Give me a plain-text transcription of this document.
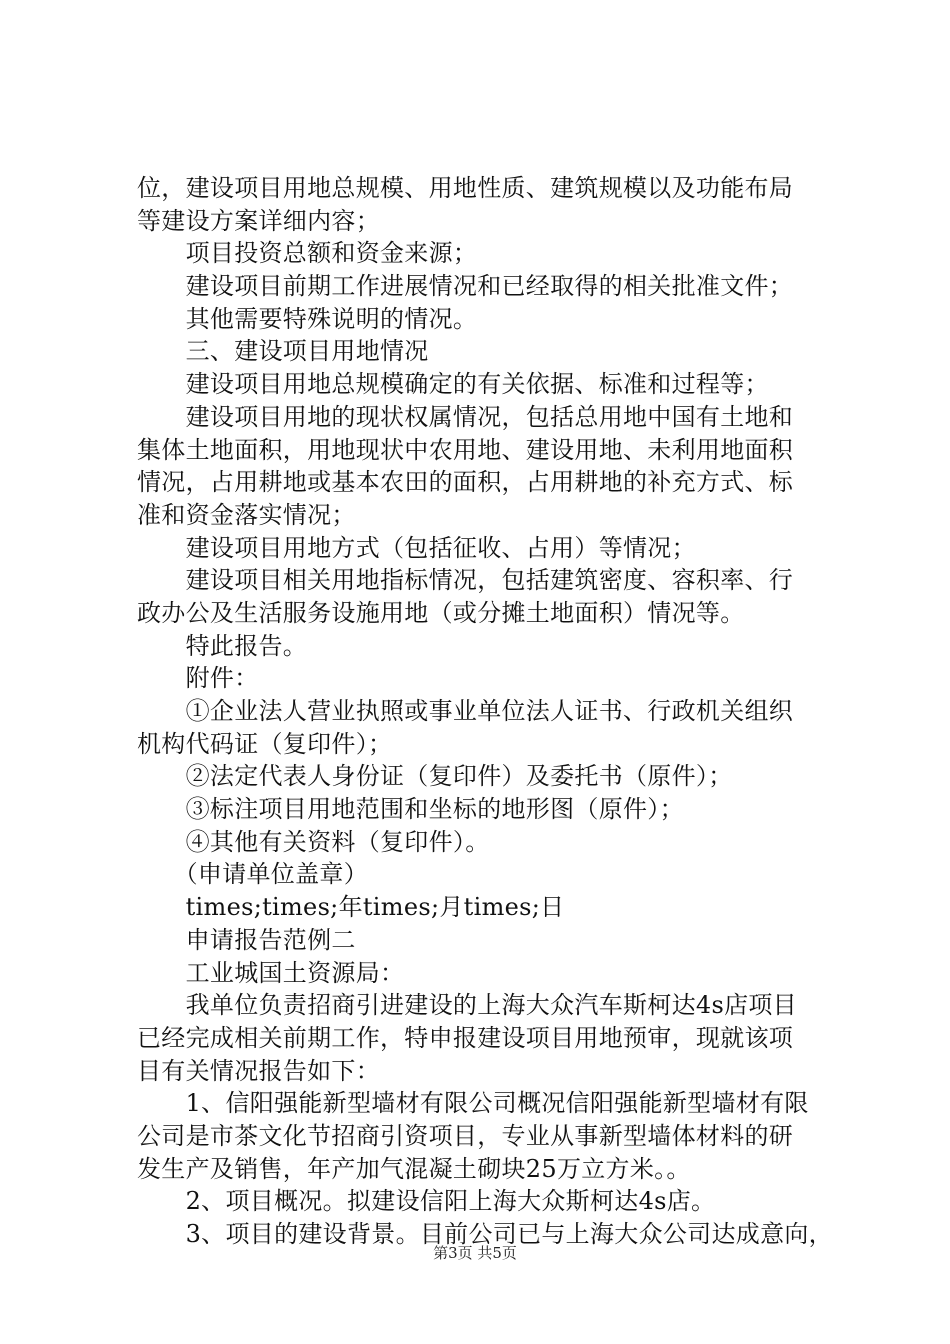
位，建设项目用地总规模、用地性质、建筑规模以及功能布局
等建设方案详细内容；
　　项目投资总额和资金来源；
　　建设项目前期工作进展情况和已经取得的相关批准文件；
　　其他需要特殊说明的情况。
　　三、建设项目用地情况
　　建设项目用地总规模确定的有关依据、标准和过程等；
　　建设项目用地的现状权属情况，包括总用地中国有土地和
集体土地面积，用地现状中农用地、建设用地、未利用地面积
情况，占用耕地或基本农田的面积，占用耕地的补充方式、标
准和资金落实情况；
　　建设项目用地方式（包括征收、占用）等情况；
　　建设项目相关用地指标情况，包括建筑密度、容积率、行
政办公及生活服务设施用地（或分摊土地面积）情况等。
　　特此报告。
　　附件：
　　①企业法人营业执照或事业单位法人证书、行政机关组织
机构代码证（复印件）；
　　②法定代表人身份证（复印件）及委托书（原件）；
　　③标注项目用地范围和坐标的地形图（原件）；
　　④其他有关资料（复印件）。
　　（申请单位盖章）
　　times;times;年times;月times;日
　　申请报告范例二
　　工业城国土资源局：
　　我单位负责招商引进建设的上海大众汽车斯柯达4s店项目
已经完成相关前期工作，特申报建设项目用地预审，现就该项
目有关情况报告如下：
　　1、信阳强能新型墙材有限公司概况信阳强能新型墙材有限
公司是市茶文化节招商引资项目，专业从事新型墙体材料的研
发生产及销售，年产加气混凝土砌块25万立方米。。
　　2、项目概况。拟建设信阳上海大众斯柯达4s店。
　　3、项目的建设背景。目前公司已与上海大众公司达成意向，
第3页 共5页
